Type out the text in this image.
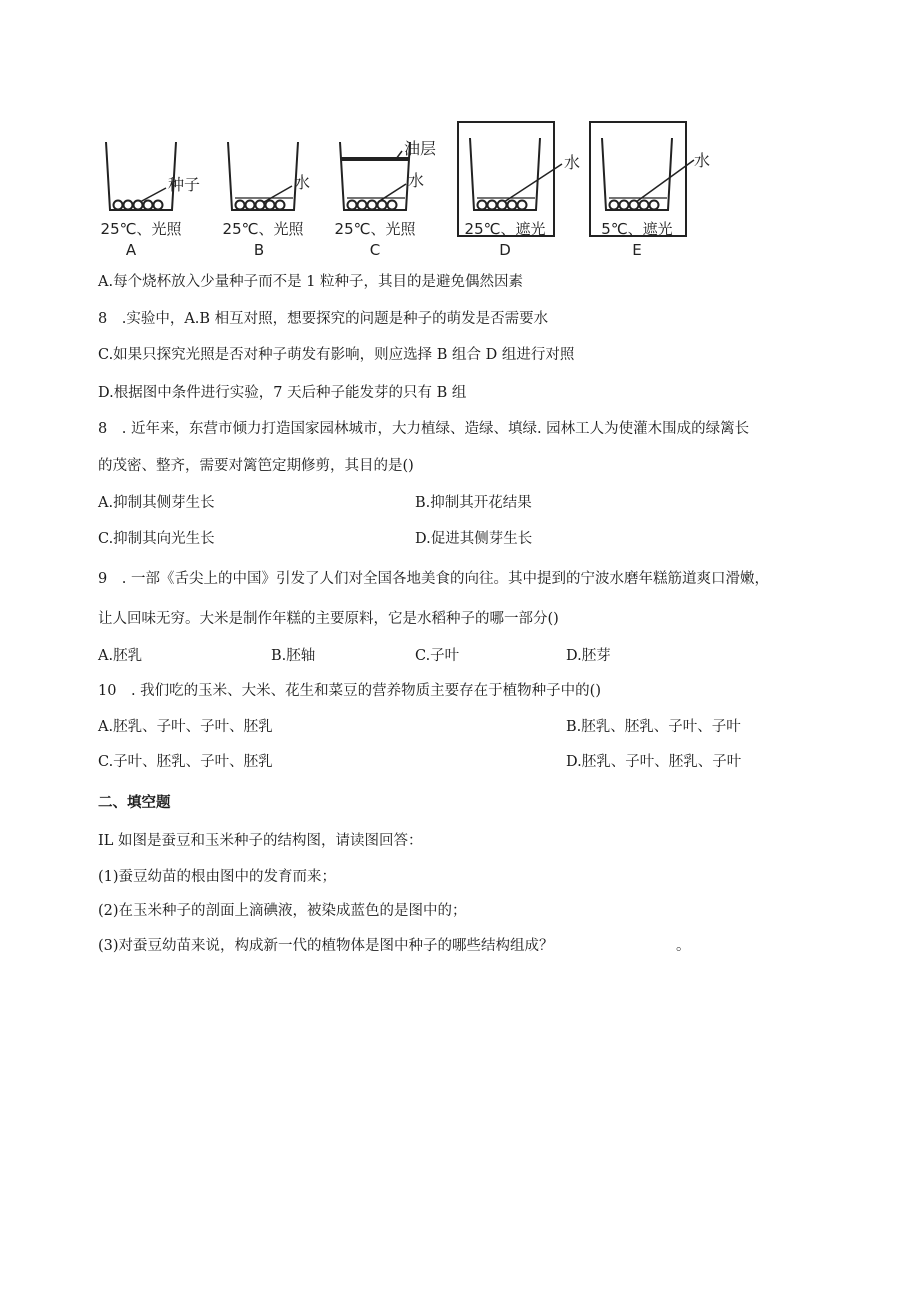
种子	水
油层
水
水	水
25℃、光照	25℃、光照 25℃、光照	25℃、遮光	5℃、遮光
A	B	C	D	E
A.每个烧杯放入少量种子而不是 1 粒种子，其目的是避免偶然因素
8　.实验中，A.B 相互对照，想要探究的问题是种子的萌发是否需要水
C.如果只探究光照是否对种子萌发有影响，则应选择 B 组合 D 组进行对照
D.根据图中条件进行实验，7 天后种子能发芽的只有 B 组
8　. 近年来，东营市倾力打造国家园林城市，大力植绿、造绿、填绿. 园林工人为使灌木围成的绿篱长
的茂密、整齐，需要对篱笆定期修剪，其目的是()
A.抑制其侧芽生长	B.抑制其开花结果
C.抑制其向光生长	D.促进其侧芽生长
9　. 一部《舌尖上的中国》引发了人们对全国各地美食的向往。其中提到的宁波水磨年糕筋道爽口滑嫩，
让人回味无穷。大米是制作年糕的主要原料，它是水稻种子的哪一部分()
A.胚乳	B.胚轴	C.子叶	D.胚芽
10　. 我们吃的玉米、大米、花生和菜豆的营养物质主要存在于植物种子中的()
A.胚乳、子叶、子叶、胚乳	B.胚乳、胚乳、子叶、子叶
C.子叶、胚乳、子叶、胚乳	D.胚乳、子叶、胚乳、子叶
二、填空题
IL 如图是蚕豆和玉米种子的结构图，请读图回答：
(1)蚕豆幼苗的根由图中的发育而来；
(2)在玉米种子的剖面上滴碘液，被染成蓝色的是图中的；
(3)对蚕豆幼苗来说，构成新一代的植物体是图中种子的哪些结构组成？	。
